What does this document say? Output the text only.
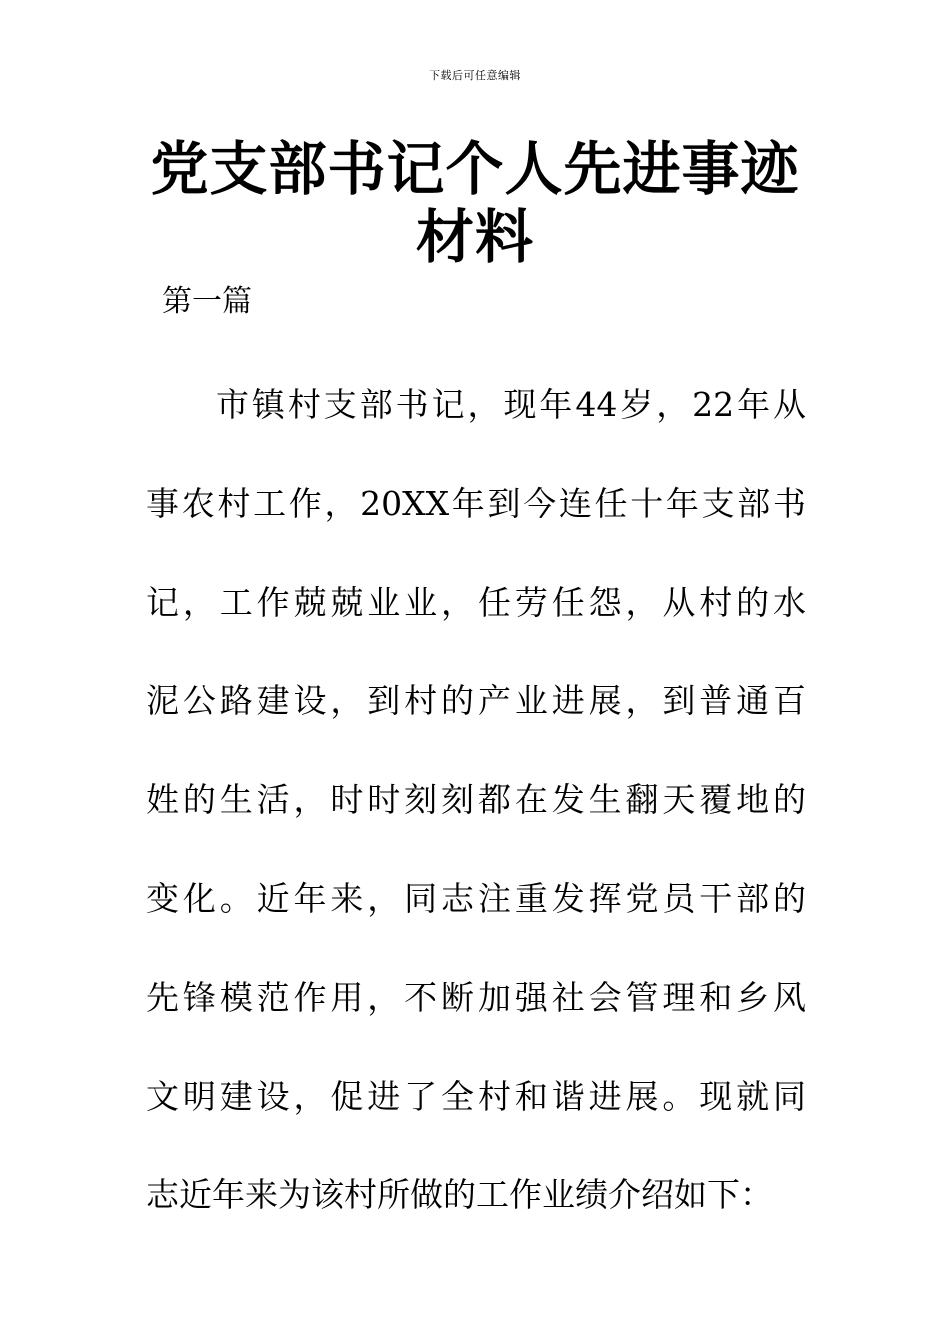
下载后可任意编辑
党支部书记个人先进事迹
材料
第一篇
市镇村支部书记，现年44岁，22年从
事农村工作，20XX年到今连任十年支部书
记，工作兢兢业业，任劳任怨，从村的水
泥公路建设，到村的产业进展，到普通百
姓的生活，时时刻刻都在发生翻天覆地的
变化。近年来，同志注重发挥党员干部的
先锋模范作用，不断加强社会管理和乡风
文明建设，促进了全村和谐进展。现就同
志近年来为该村所做的工作业绩介绍如下：
